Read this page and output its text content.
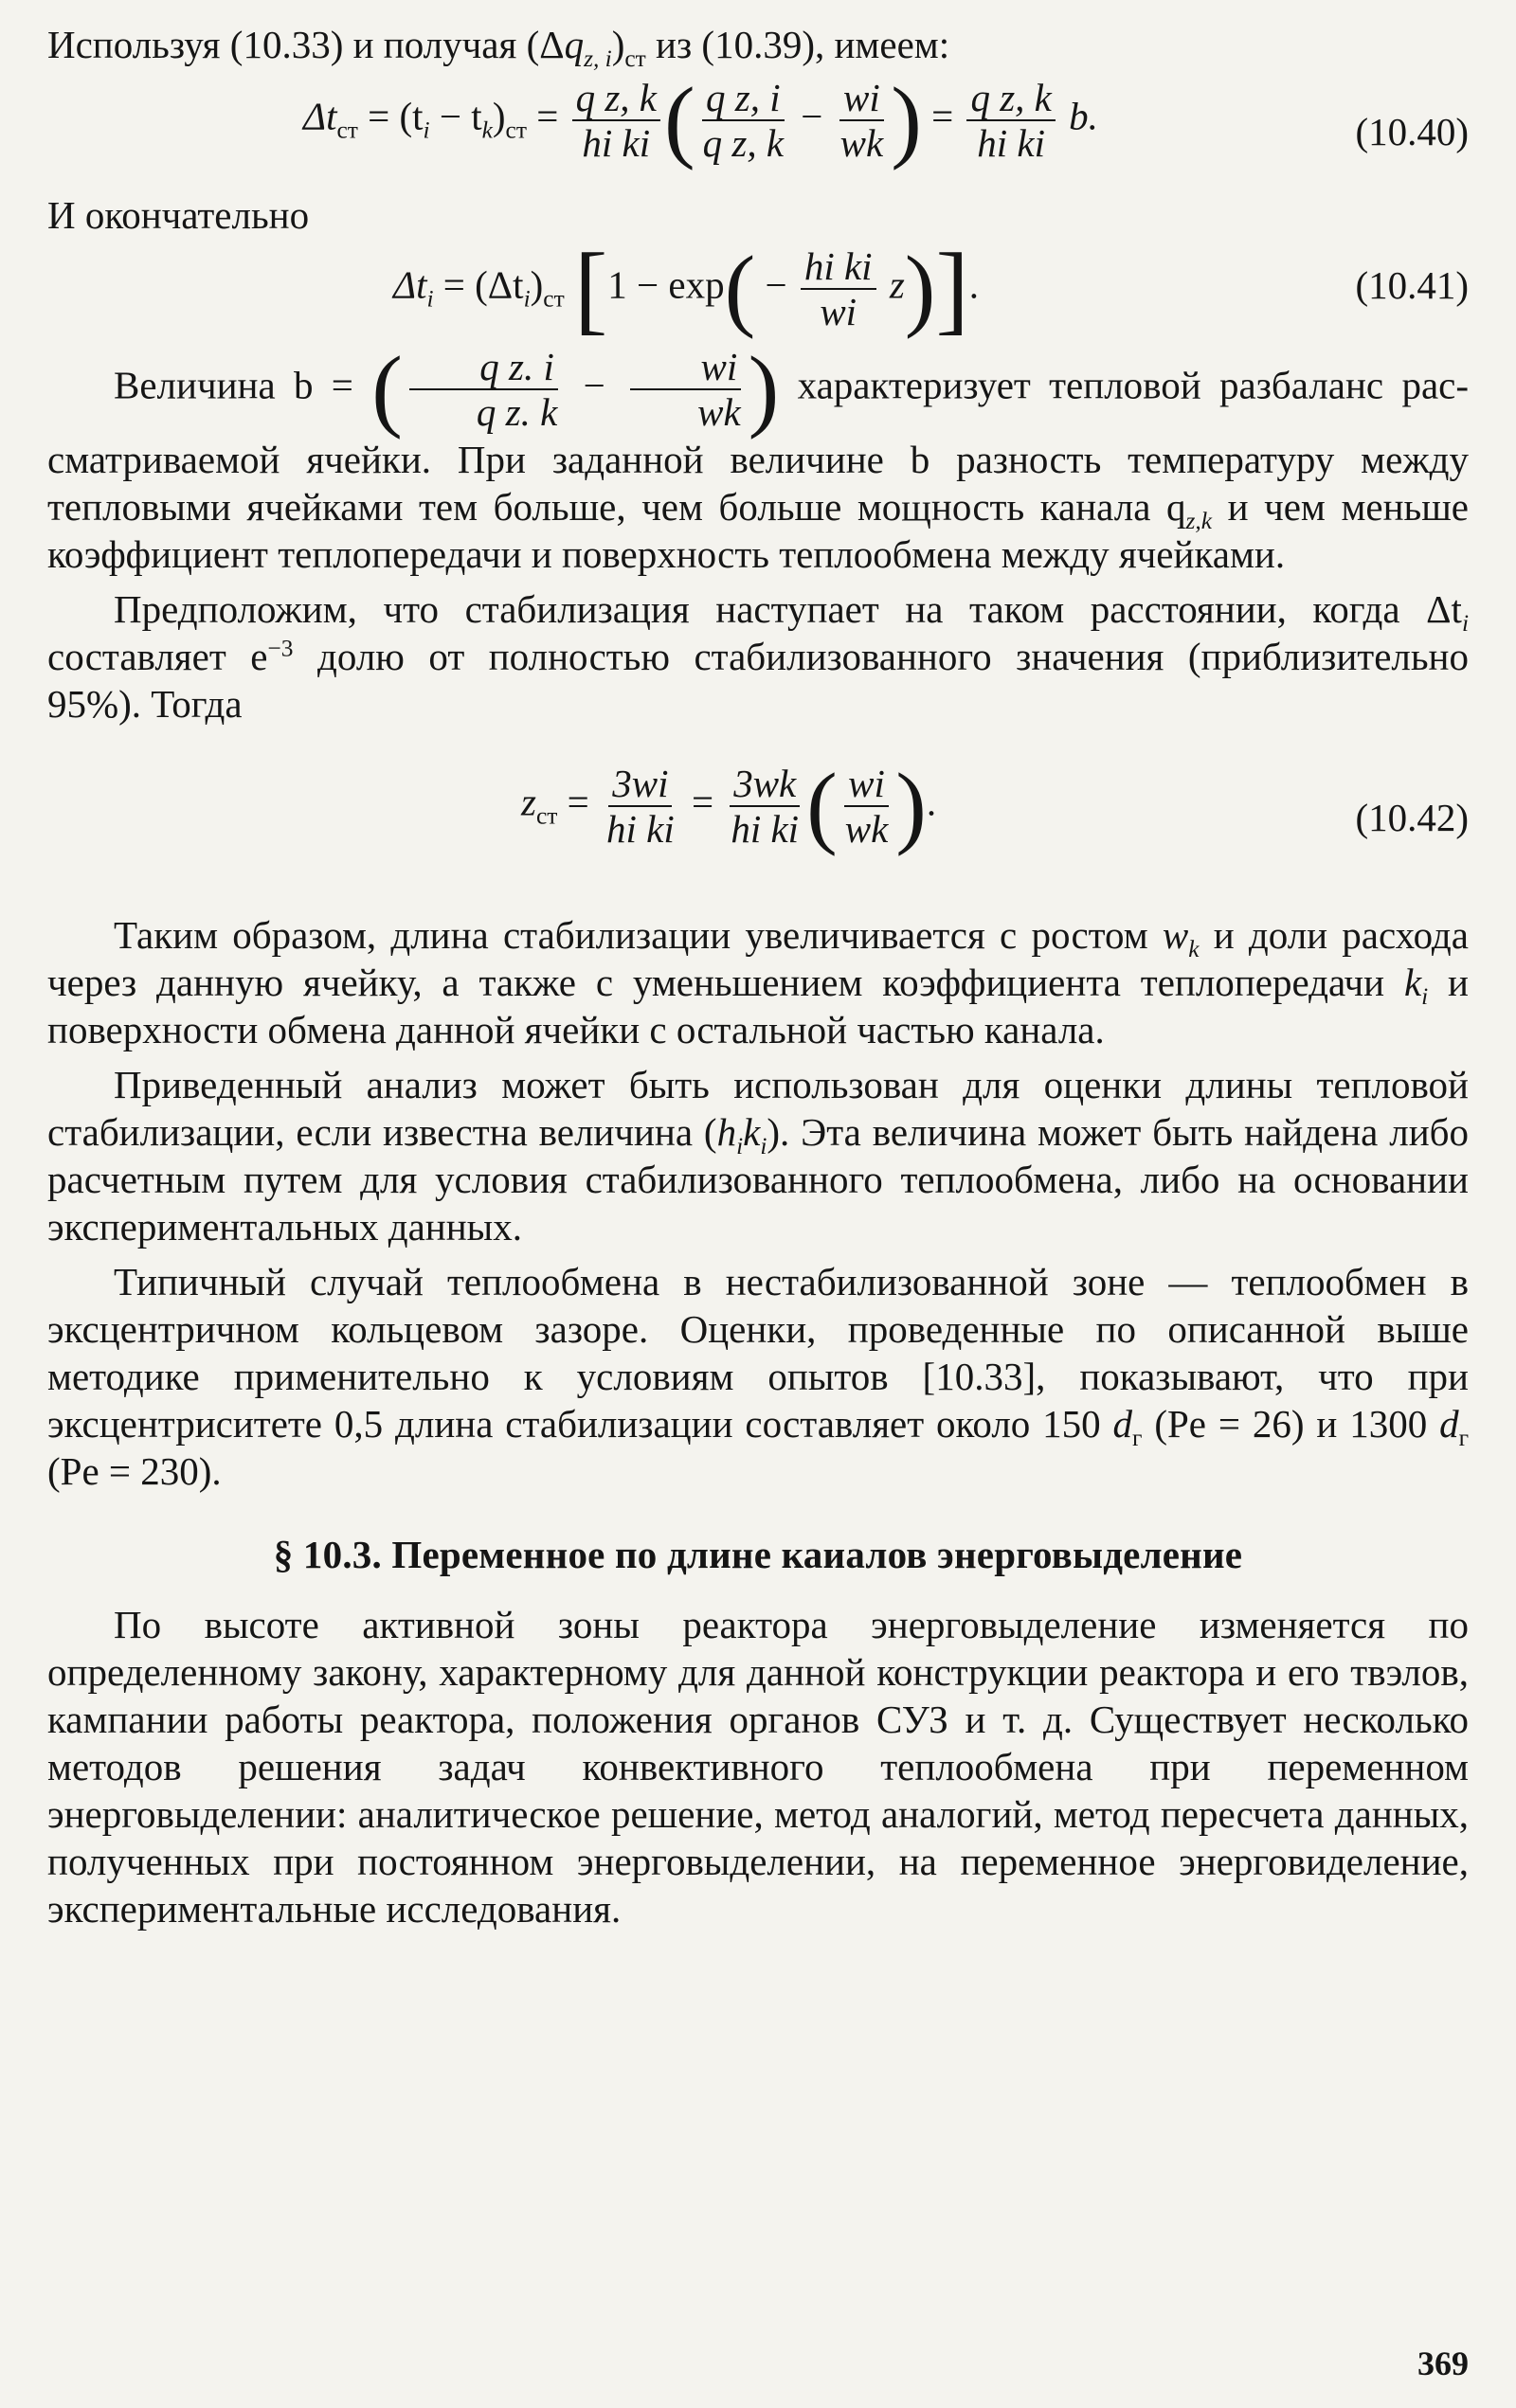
Используя (10.33) и получая $(\Delta q_{z, i})_{ст}$ из (10.39), имеем:

$\Delta t_{ст} = (t_i - t_k)_{ст} = \frac{\text{q z, k}}{\text{hi ki}}$ ( $\frac{\text{q z, i}}{\text{q z, k}} - \frac{wi}{wk}$ ) = $\frac{\text{q z, k}}{\text{hi ki}} b$.	(10.40)

И окончательно

$\Delta t_i = (\Delta t_i)_{ст}$ $[1 - \exp( - \frac{\text{hi ki}}{wi} z)]$.	(10.41)

Величина b = ( $\frac{\text{q z. i}}{\text{q z. k}} - \frac{wi}{wk}$ ) характеризует тепловой разбаланс рас- сматриваемой ячейки. При заданной величине b разность температуру между тепловыми ячейками тем больше, чем больше мощность канала $q_{z,k}$ и чем меньше коэффициент теплопередачи и поверхность теплообмена между ячейками.

Предположим, что стабилизация наступает на таком расстоянии, когда $\Delta t_i$ составляет $e^{-3}$ долю от полностью стабилизованного значения (приблизительно 95%). Тогда

$z_{ст} = \frac{3wi}{\text{hi ki}} = \frac{3wk}{\text{hi ki}}$ ( $\frac{wi}{wk}$ ).	(10.42)

Таким образом, длина стабилизации увеличивается с ростом $w_k$ и доли расхода через данную ячейку, а также с уменьшением коэффициента теплопередачи $k_i$ и поверхности обмена данной ячейки с остальной частью канала.

Приведенный анализ может быть использован для оценки длины тепловой стабилизации, если известна величина $(h_ik_i)$. Эта величина может быть найдена либо расчетным путем для условия стабилизованного теплообмена, либо на основании экспериментальных данных.

Типичный случай теплообмена в нестабилизованной зоне — теплообмен в эксцентричном кольцевом зазоре. Оценки, проведенные по описанной выше методике применительно к условиям опытов [10.33], показывают, что при эксцентриситете 0,5 длина стабилизации составляет около 150 $d_г$ (Pe = 26) и 1300 $d_г$ (Pe = 230).

§ 10.3. Переменное по длине каиалов энерговыделение

По высоте активной зоны реактора энерговыделение изменяется по определенному закону, характерному для данной конструкции реактора и его твэлов, кампании работы реактора, положения органов СУЗ и т. д. Существует несколько методов решения задач конвективного теплообмена при переменном энерговыделении: аналитическое решение, метод аналогий, метод пересчета данных, полученных при постоянном энерговыделении, на переменное энерговиделение, экспериментальные исследования.

369
